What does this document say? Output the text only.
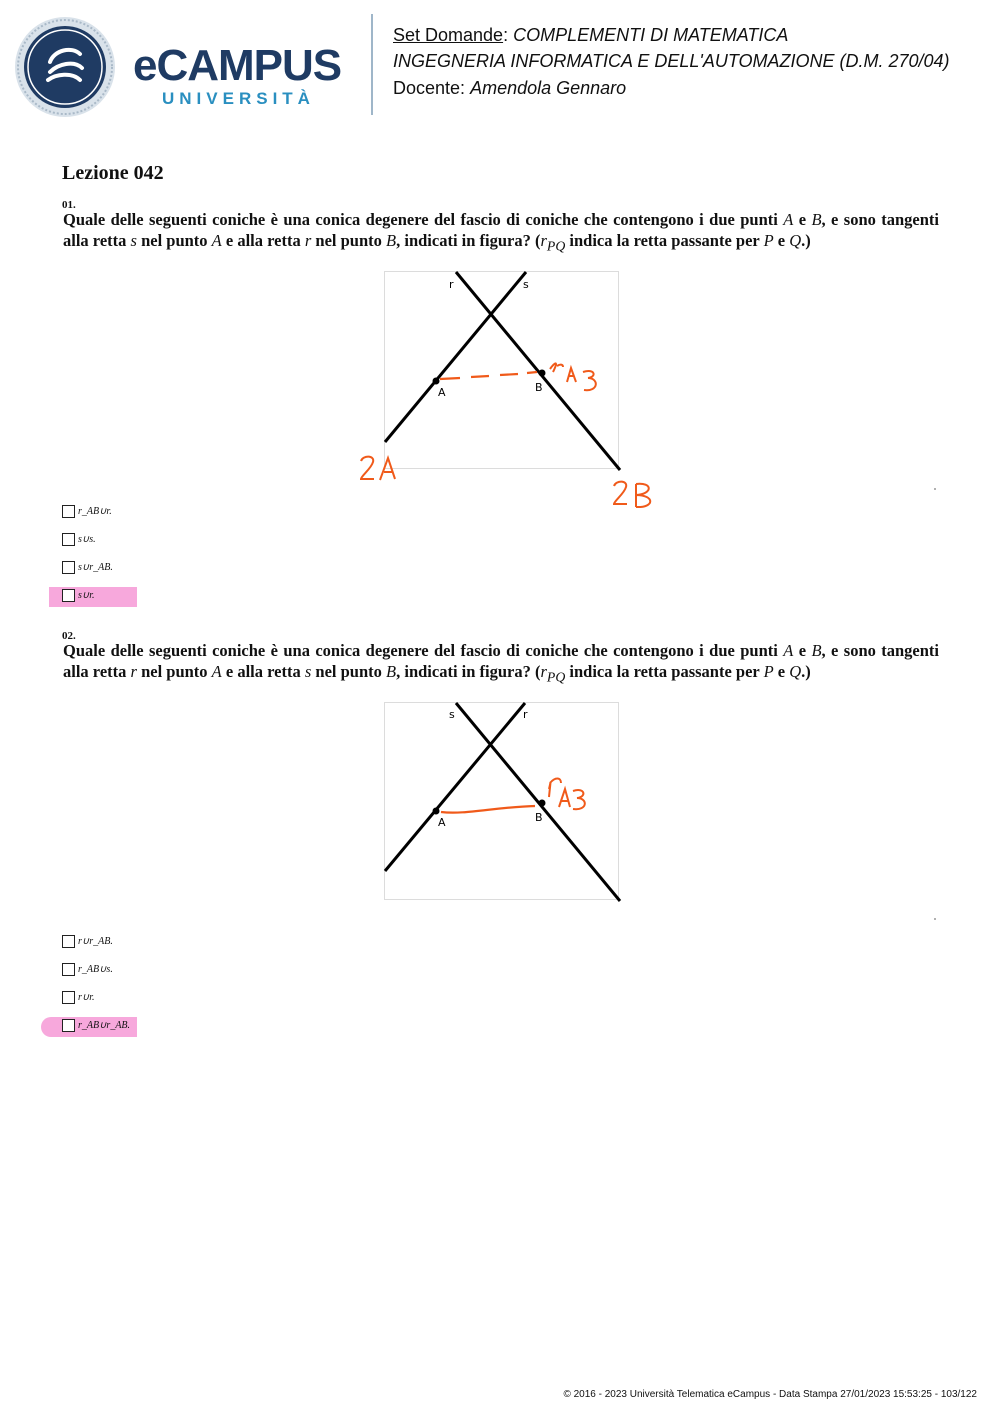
eCAMPUS
UNIVERSITÀ
Set Domande: COMPLEMENTI DI MATEMATICA
INGEGNERIA INFORMATICA E DELL'AUTOMAZIONE (D.M. 270/04)
Docente: Amendola Gennaro
Lezione 042
01.
Quale delle seguenti coniche è una conica degenere del fascio di coniche che contengono i due punti A e B, e sono tangenti alla retta s nel punto A e alla retta r nel punto B, indicati in figura? ($r_{PQ}$ indica la retta passante per P e Q.)
r	s
A	B
r_AB∪r.
s∪s.
s∪r_AB.
s∪r.
02.
Quale delle seguenti coniche è una conica degenere del fascio di coniche che contengono i due punti A e B, e sono tangenti alla retta r nel punto A e alla retta s nel punto B, indicati in figura? ($r_{PQ}$ indica la retta passante per P e Q.)
s	r
A	B
r∪r_AB.
r_AB∪s.
r∪r.
r_AB∪r_AB.
© 2016 - 2023 Università Telematica eCampus - Data Stampa 27/01/2023 15:53:25 - 103/122
